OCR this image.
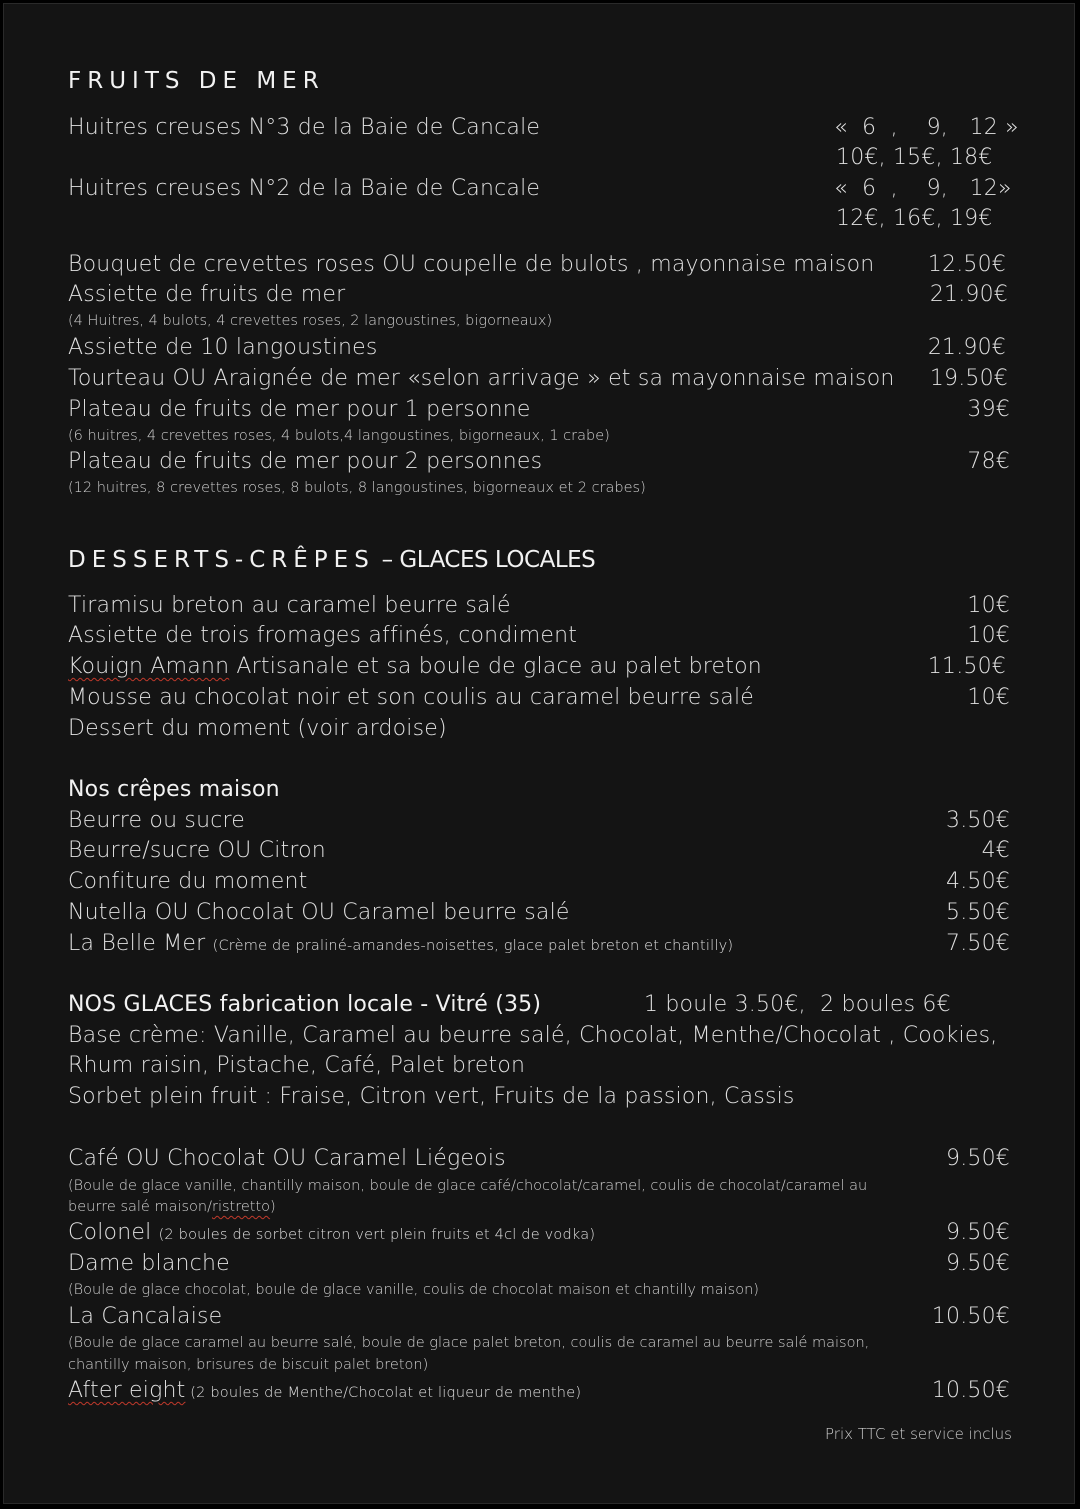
FRUITS DE MER
Huitres creuses N°3 de la Baie de Cancale	«  6  ,    9,   12 »
10€, 15€, 18€
Huitres creuses N°2 de la Baie de Cancale	«  6  ,    9,   12»
12€, 16€, 19€
Bouquet de crevettes roses OU coupelle de bulots , mayonnaise maison 12.50€
Assiette de fruits de mer	21.90€
(4 Huitres, 4 bulots, 4 crevettes roses, 2 langoustines, bigorneaux)
Assiette de 10 langoustines	21.90€
Tourteau OU Araignée de mer «selon arrivage » et sa mayonnaise maison 19.50€
Plateau de fruits de mer pour 1 personne	39€
(6 huitres, 4 crevettes roses, 4 bulots,4 langoustines, bigorneaux, 1 crabe)
Plateau de fruits de mer pour 2 personnes	78€
(12 huitres, 8 crevettes roses, 8 bulots, 8 langoustines, bigorneaux et 2 crabes)
DESSERTS-CRÊPES – GLACES LOCALES
Tiramisu breton au caramel beurre salé	10€
Assiette de trois fromages affinés, condiment	10€
Kouign Amann Artisanale et sa boule de glace au palet breton	11.50€
Mousse au chocolat noir et son coulis au caramel beurre salé	10€
Dessert du moment (voir ardoise)
Nos crêpes maison
Beurre ou sucre	3.50€
Beurre/sucre OU Citron	4€
Confiture du moment	4.50€
Nutella OU Chocolat OU Caramel beurre salé	5.50€
La Belle Mer (Crème de praliné-amandes-noisettes, glace palet breton et chantilly)	7.50€
NOS GLACES fabrication locale - Vitré (35)	1 boule 3.50€,  2 boules 6€
Base crème: Vanille, Caramel au beurre salé, Chocolat, Menthe/Chocolat , Cookies,
Rhum raisin, Pistache, Café, Palet breton
Sorbet plein fruit : Fraise, Citron vert, Fruits de la passion, Cassis
Café OU Chocolat OU Caramel Liégeois	9.50€
(Boule de glace vanille, chantilly maison, boule de glace café/chocolat/caramel, coulis de chocolat/caramel au
beurre salé maison/ristretto)
Colonel (2 boules de sorbet citron vert plein fruits et 4cl de vodka)	9.50€
Dame blanche	9.50€
(Boule de glace chocolat, boule de glace vanille, coulis de chocolat maison et chantilly maison)
La Cancalaise	10.50€
(Boule de glace caramel au beurre salé, boule de glace palet breton, coulis de caramel au beurre salé maison,
chantilly maison, brisures de biscuit palet breton)
After eight (2 boules de Menthe/Chocolat et liqueur de menthe)	10.50€
Prix TTC et service inclus
